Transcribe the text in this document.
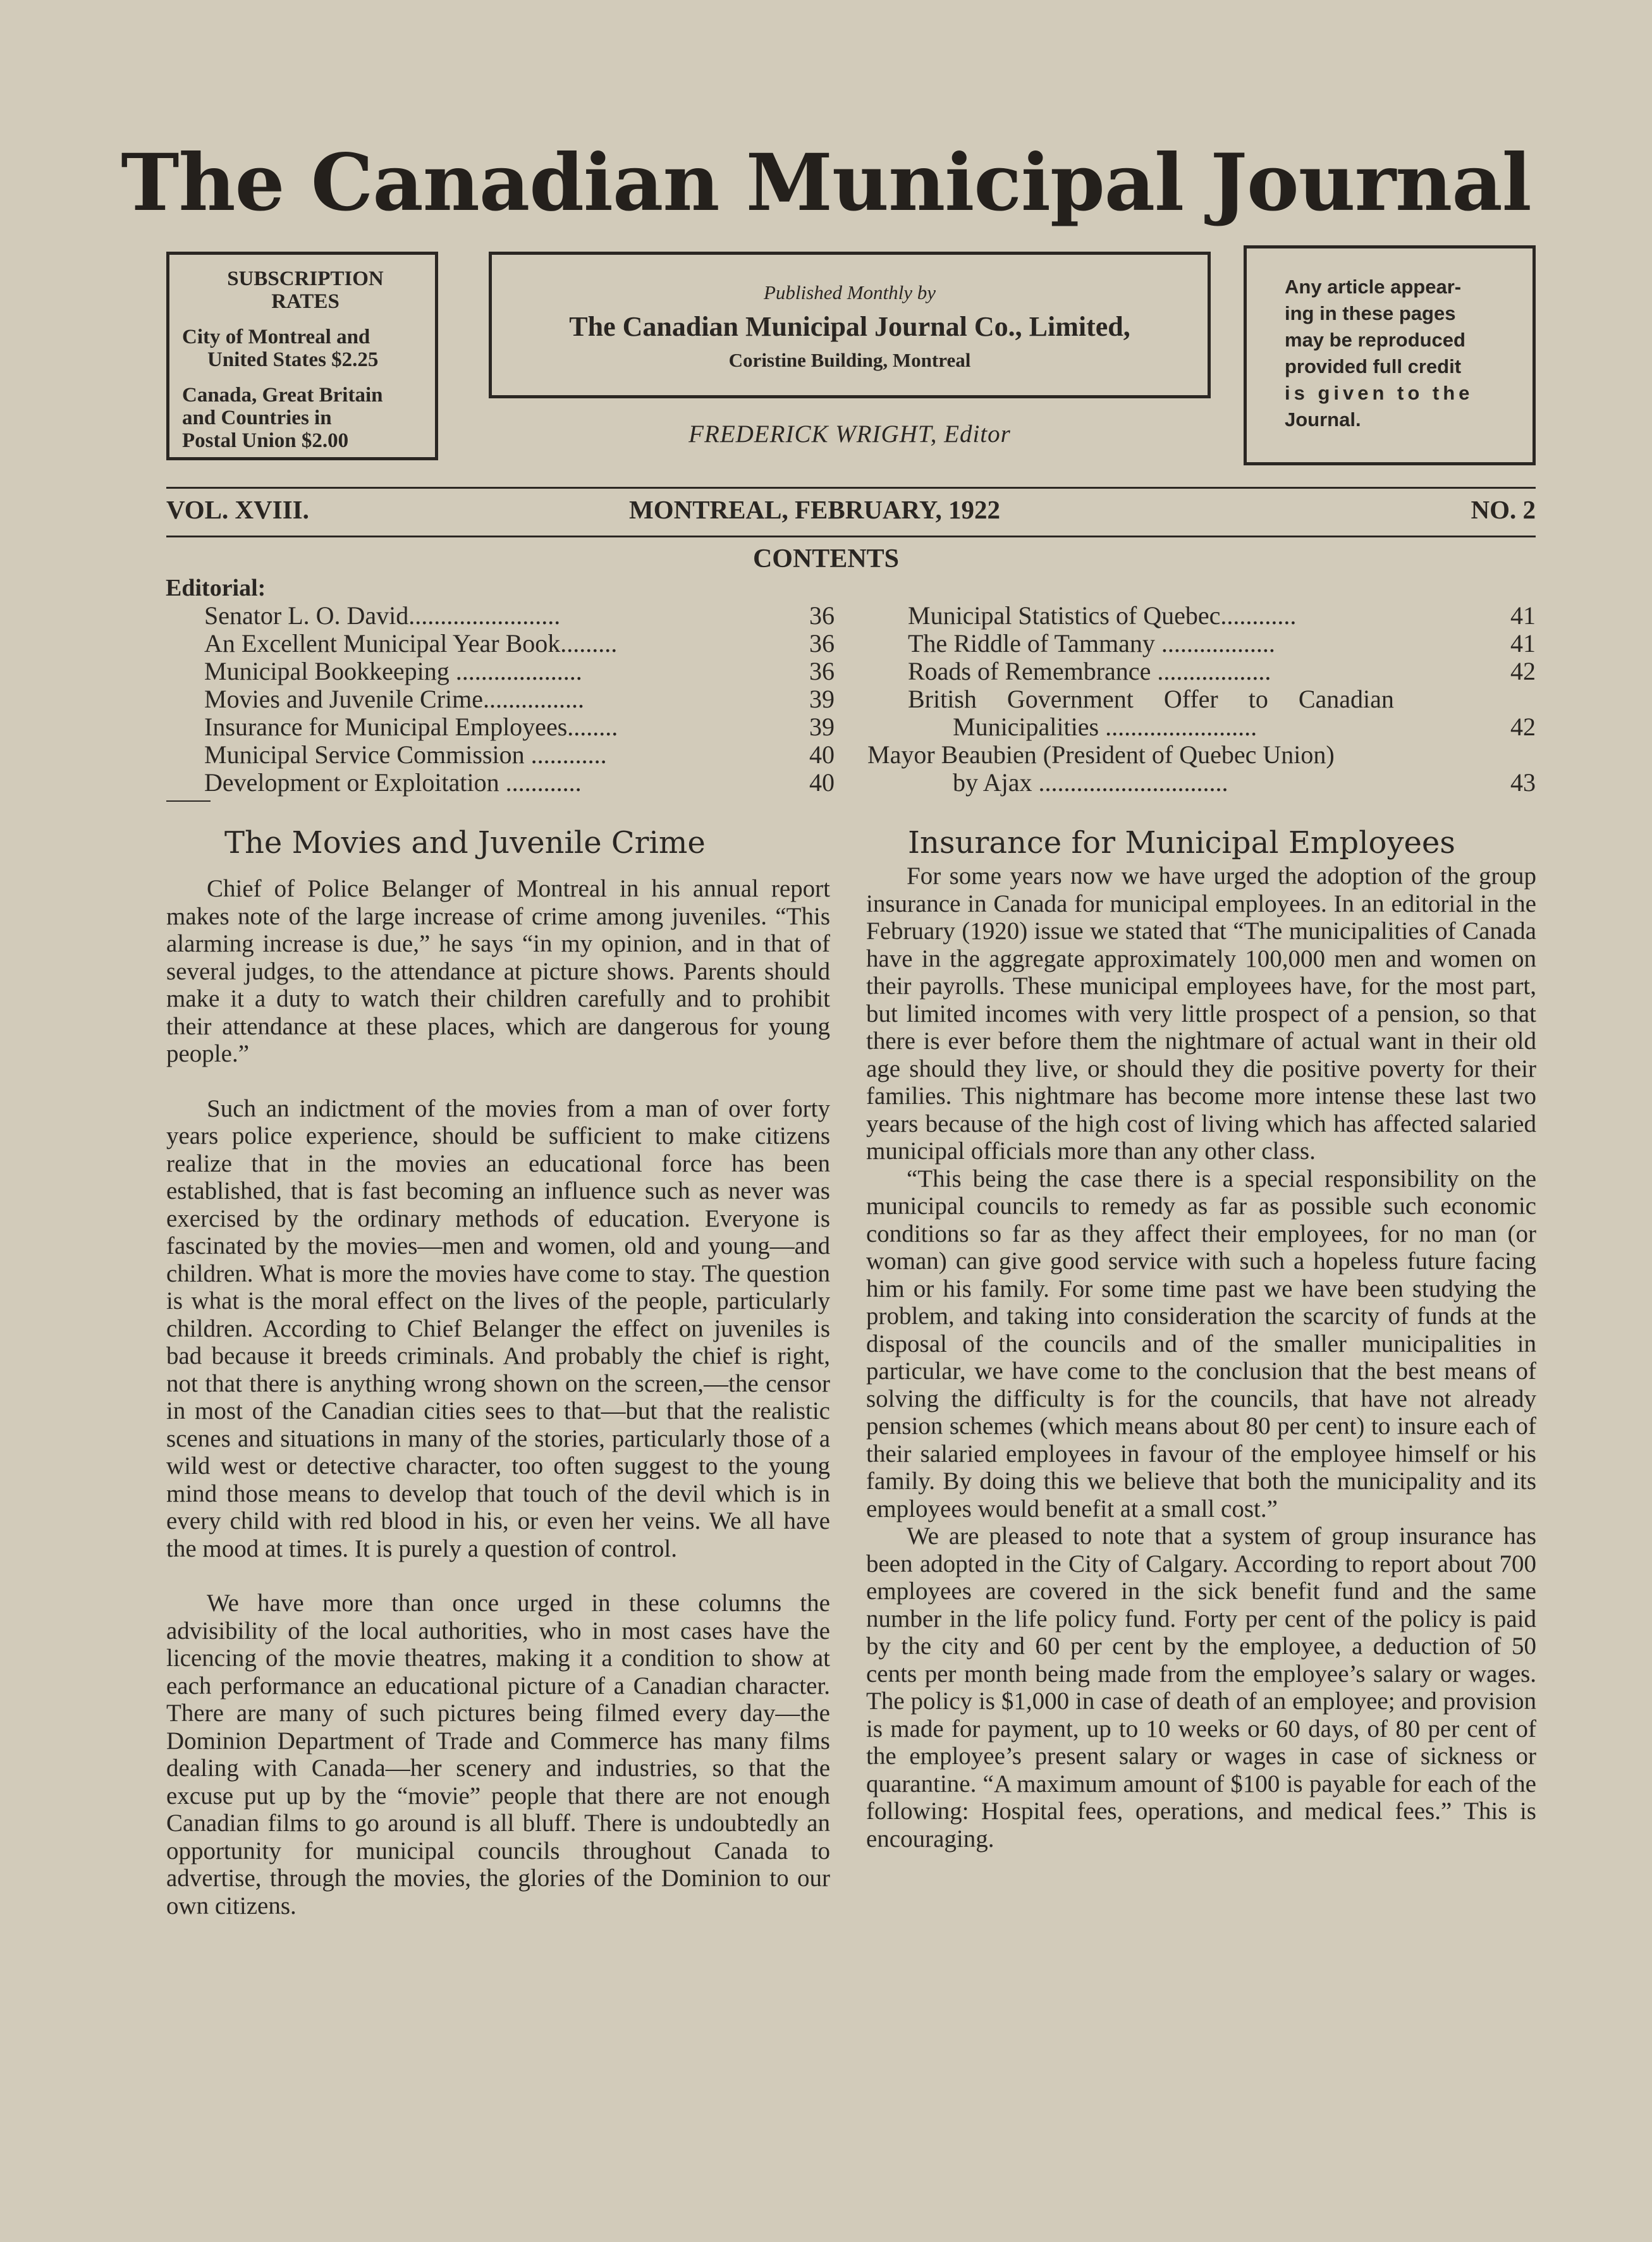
The Canadian Municipal Journal

SUBSCRIPTION

RATES

City of Montreal and

United States $2.25

Canada, Great Britain

and Countries in

Postal Union $2.00

Published Monthly by
The Canadian Municipal Journal Co., Limited,
Coristine Building, Montreal
FREDERICK WRIGHT, Editor

Any article appear-

ing in these pages

may be reproduced

provided full credit

is given to the

Journal.

VOL. XVIII.	MONTREAL, FEBRUARY, 1922	NO. 2
CONTENTS
Editorial:
Senator L. O. David........................	36
An Excellent Municipal Year Book.........	36
Municipal Bookkeeping ....................	36
Movies and Juvenile Crime................	39
Insurance for Municipal Employees........	39
Municipal Service Commission ............	40
Development or Exploitation ............	40
Municipal Statistics of Quebec............	41
The Riddle of Tammany ..................	41
Roads of Remembrance ..................	42
British Government Offer to Canadian
Municipalities ........................	42
Mayor Beaubien (President of Quebec Union)
by Ajax ..............................	43
The Movies and Juvenile Crime

Chief of Police Belanger of Montreal in his annual report makes note of the large increase of crime among juveniles. “This alarming increase is due,” he says “in my opinion, and in that of several judges, to the attendance at picture shows. Parents should make it a duty to watch their children carefully and to prohibit their attendance at these places, which are dangerous for young people.”

Such an indictment of the movies from a man of over forty years police experience, should be sufficient to make citizens realize that in the movies an educational force has been established, that is fast becoming an influence such as never was exercised by the ordinary methods of education. Everyone is fascinated by the movies—men and women, old and young—and children. What is more the movies have come to stay. The question is what is the moral effect on the lives of the people, particularly children. According to Chief Belanger the effect on juveniles is bad because it breeds criminals. And probably the chief is right, not that there is anything wrong shown on the screen,—the censor in most of the Canadian cities sees to that—but that the realistic scenes and situations in many of the stories, particularly those of a wild west or detective character, too often suggest to the young mind those means to develop that touch of the devil which is in every child with red blood in his, or even her veins. We all have the mood at times. It is purely a question of control.

We have more than once urged in these columns the advisibility of the local authorities, who in most cases have the licencing of the movie theatres, making it a condition to show at each performance an educational picture of a Canadian character. There are many of such pictures being filmed every day—the Dominion Department of Trade and Commerce has many films dealing with Canada—her scenery and industries, so that the excuse put up by the “movie” people that there are not enough Canadian films to go around is all bluff. There is undoubtedly an opportunity for municipal councils throughout Canada to advertise, through the movies, the glories of the Dominion to our own citizens.

Insurance for Municipal Employees

For some years now we have urged the adoption of the group insurance in Canada for municipal employees. In an editorial in the February (1920) issue we stated that “The municipalities of Canada have in the aggregate approximately 100,000 men and women on their payrolls. These municipal employees have, for the most part, but limited incomes with very little prospect of a pension, so that there is ever before them the nightmare of actual want in their old age should they live, or should they die positive poverty for their families. This nightmare has become more intense these last two years because of the high cost of living which has affected salaried municipal officials more than any other class.

“This being the case there is a special responsibility on the municipal councils to remedy as far as possible such economic conditions so far as they affect their employees, for no man (or woman) can give good service with such a hopeless future facing him or his family. For some time past we have been studying the problem, and taking into consideration the scarcity of funds at the disposal of the councils and of the smaller municipalities in particular, we have come to the conclusion that the best means of solving the difficulty is for the councils, that have not already pension schemes (which means about 80 per cent) to insure each of their salaried employees in favour of the employee himself or his family. By doing this we believe that both the municipality and its employees would benefit at a small cost.”

We are pleased to note that a system of group insurance has been adopted in the City of Calgary. According to report about 700 employees are covered in the sick benefit fund and the same number in the life policy fund. Forty per cent of the policy is paid by the city and 60 per cent by the employee, a deduction of 50 cents per month being made from the employee’s salary or wages. The policy is $1,000 in case of death of an employee; and provision is made for payment, up to 10 weeks or 60 days, of 80 per cent of the employee’s present salary or wages in case of sickness or quarantine. “A maximum amount of $100 is payable for each of the following: Hospital fees, operations, and medical fees.” This is encouraging.
